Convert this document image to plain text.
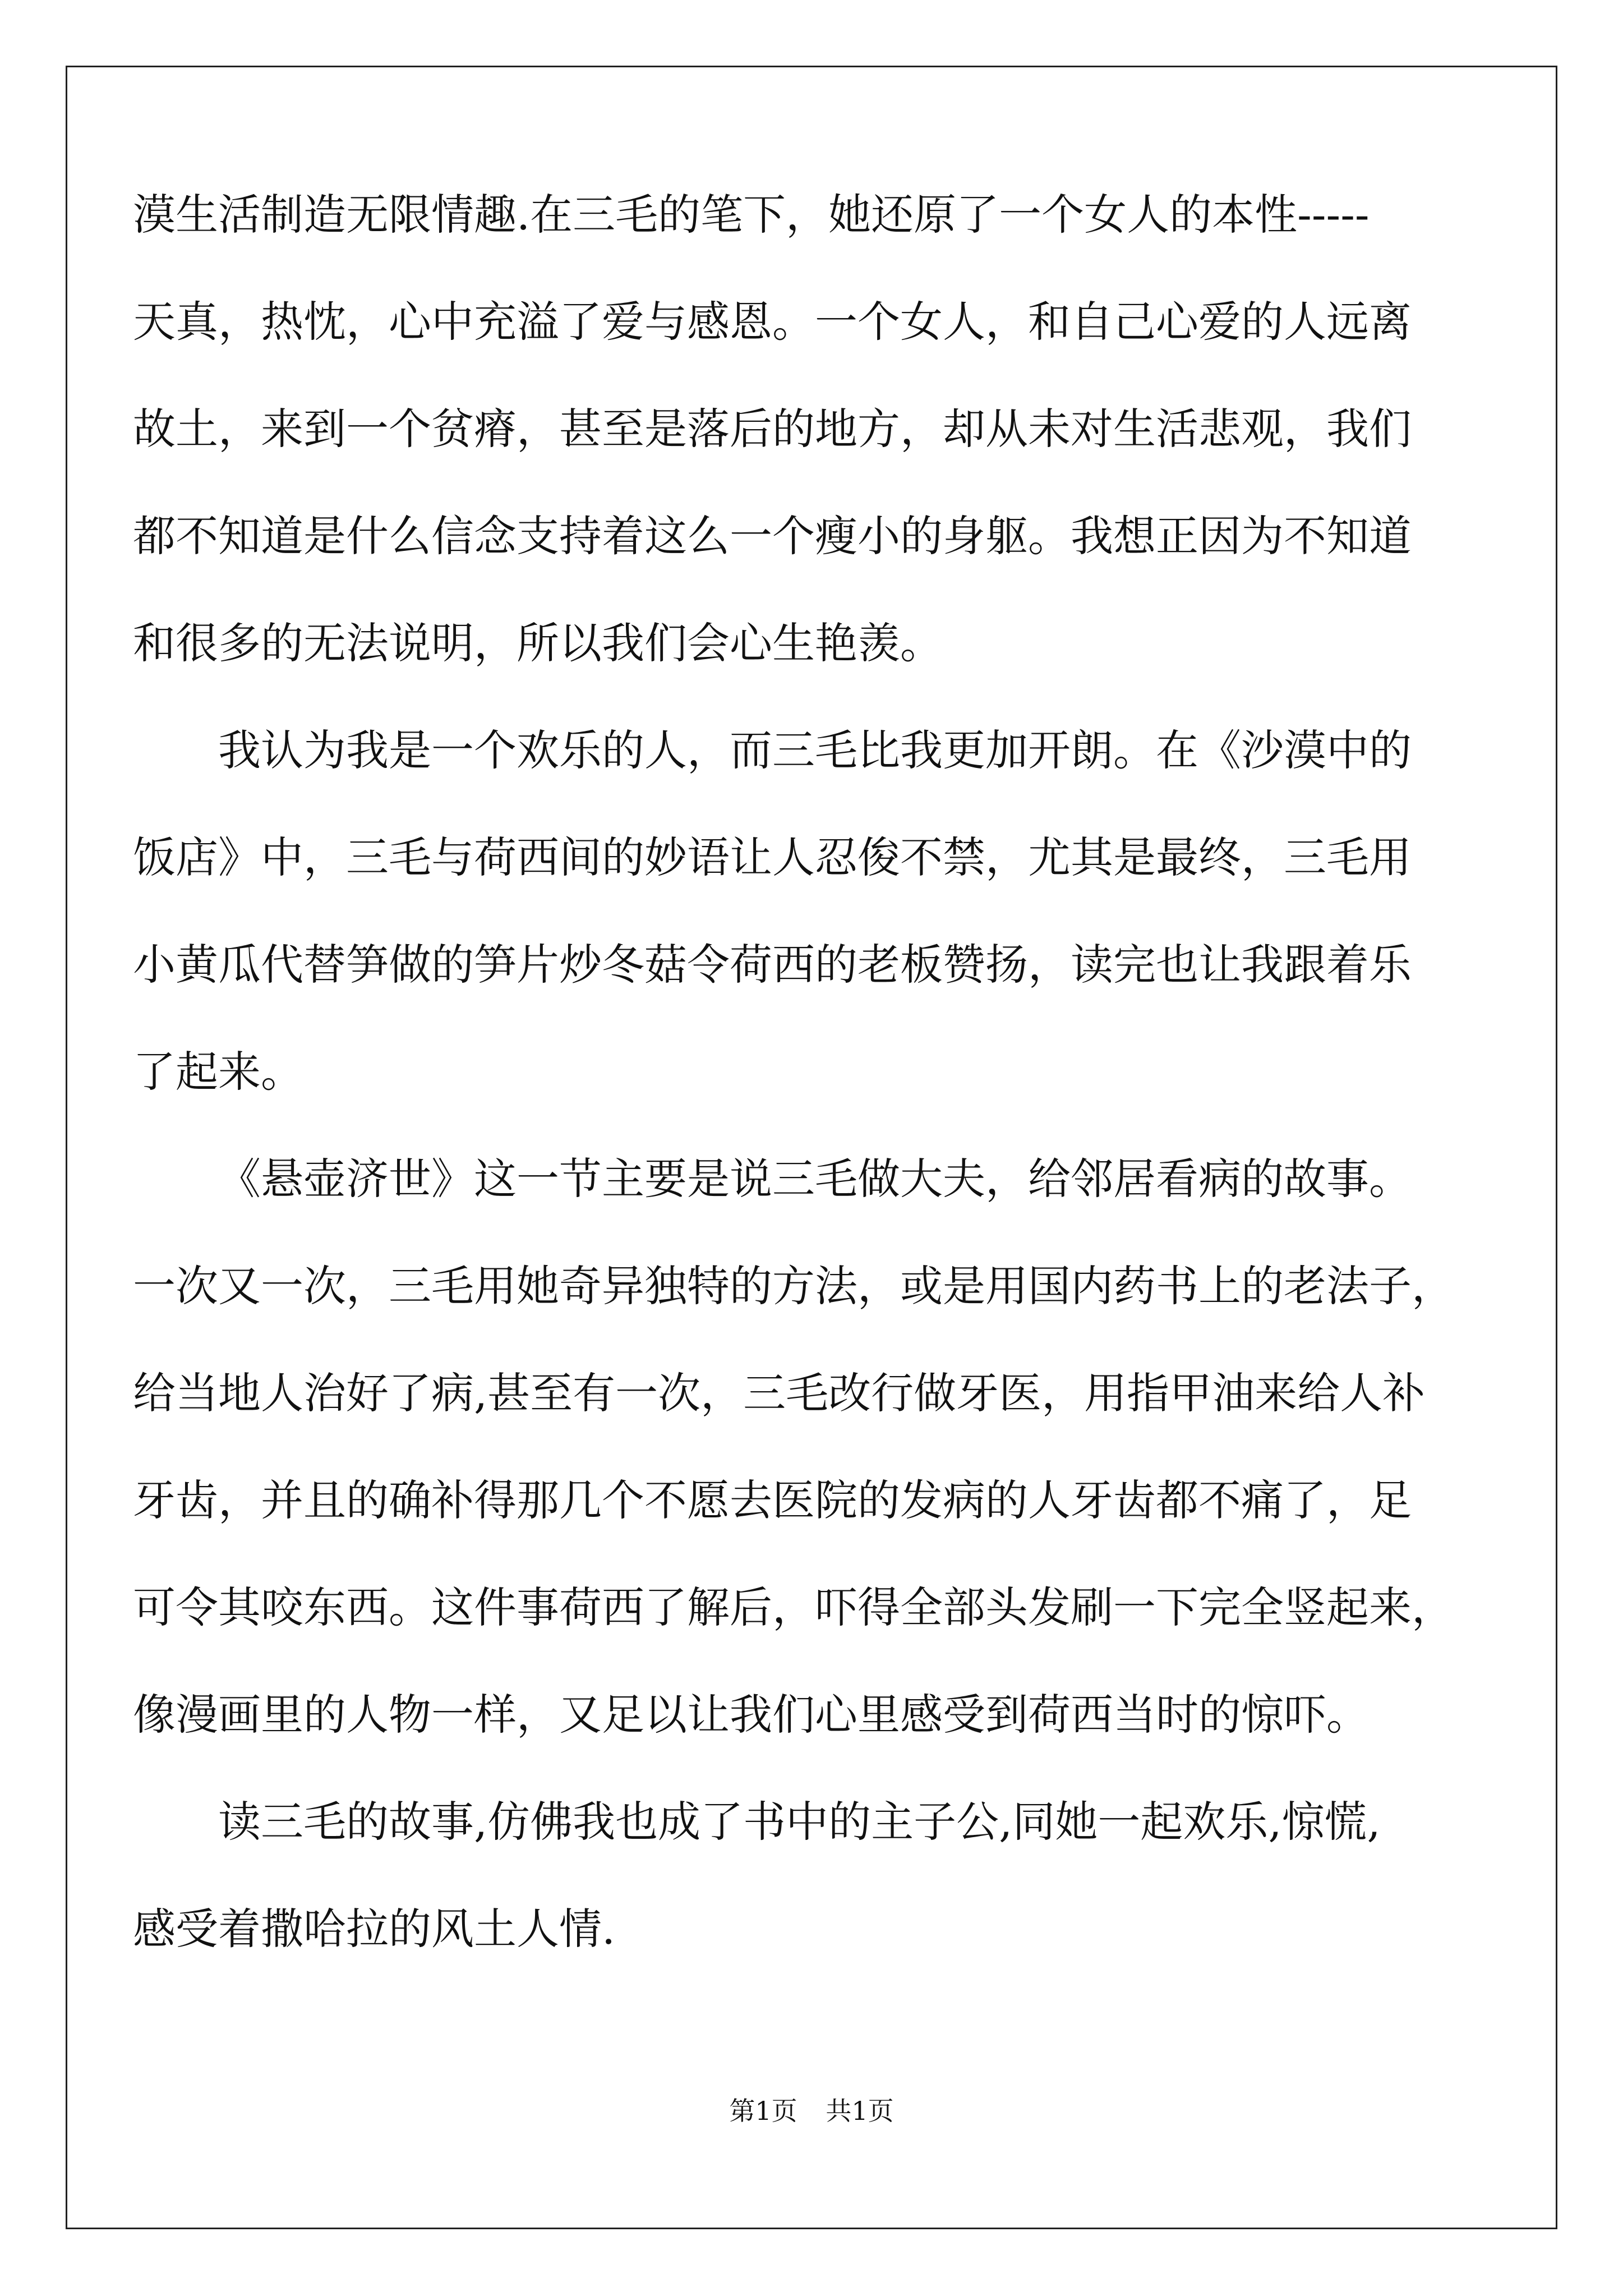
漠生活制造无限情趣.在三毛的笔下，她还原了一个女人的本性-----
天真，热忱，心中充溢了爱与感恩。一个女人，和自己心爱的人远离
故土，来到一个贫瘠，甚至是落后的地方，却从未对生活悲观，我们
都不知道是什么信念支持着这么一个瘦小的身躯。我想正因为不知道
和很多的无法说明，所以我们会心生艳羡。
我认为我是一个欢乐的人，而三毛比我更加开朗。在《沙漠中的
饭店》中，三毛与荷西间的妙语让人忍俊不禁，尤其是最终，三毛用
小黄瓜代替笋做的笋片炒冬菇令荷西的老板赞扬，读完也让我跟着乐
了起来。
《悬壶济世》这一节主要是说三毛做大夫，给邻居看病的故事。
一次又一次，三毛用她奇异独特的方法，或是用国内药书上的老法子，
给当地人治好了病,甚至有一次，三毛改行做牙医，用指甲油来给人补
牙齿，并且的确补得那几个不愿去医院的发病的人牙齿都不痛了，足
可令其咬东西。这件事荷西了解后，吓得全部头发刷一下完全竖起来，
像漫画里的人物一样，又足以让我们心里感受到荷西当时的惊吓。
读三毛的故事,仿佛我也成了书中的主子公,同她一起欢乐,惊慌,
感受着撒哈拉的风土人情.
第1页 共1页
